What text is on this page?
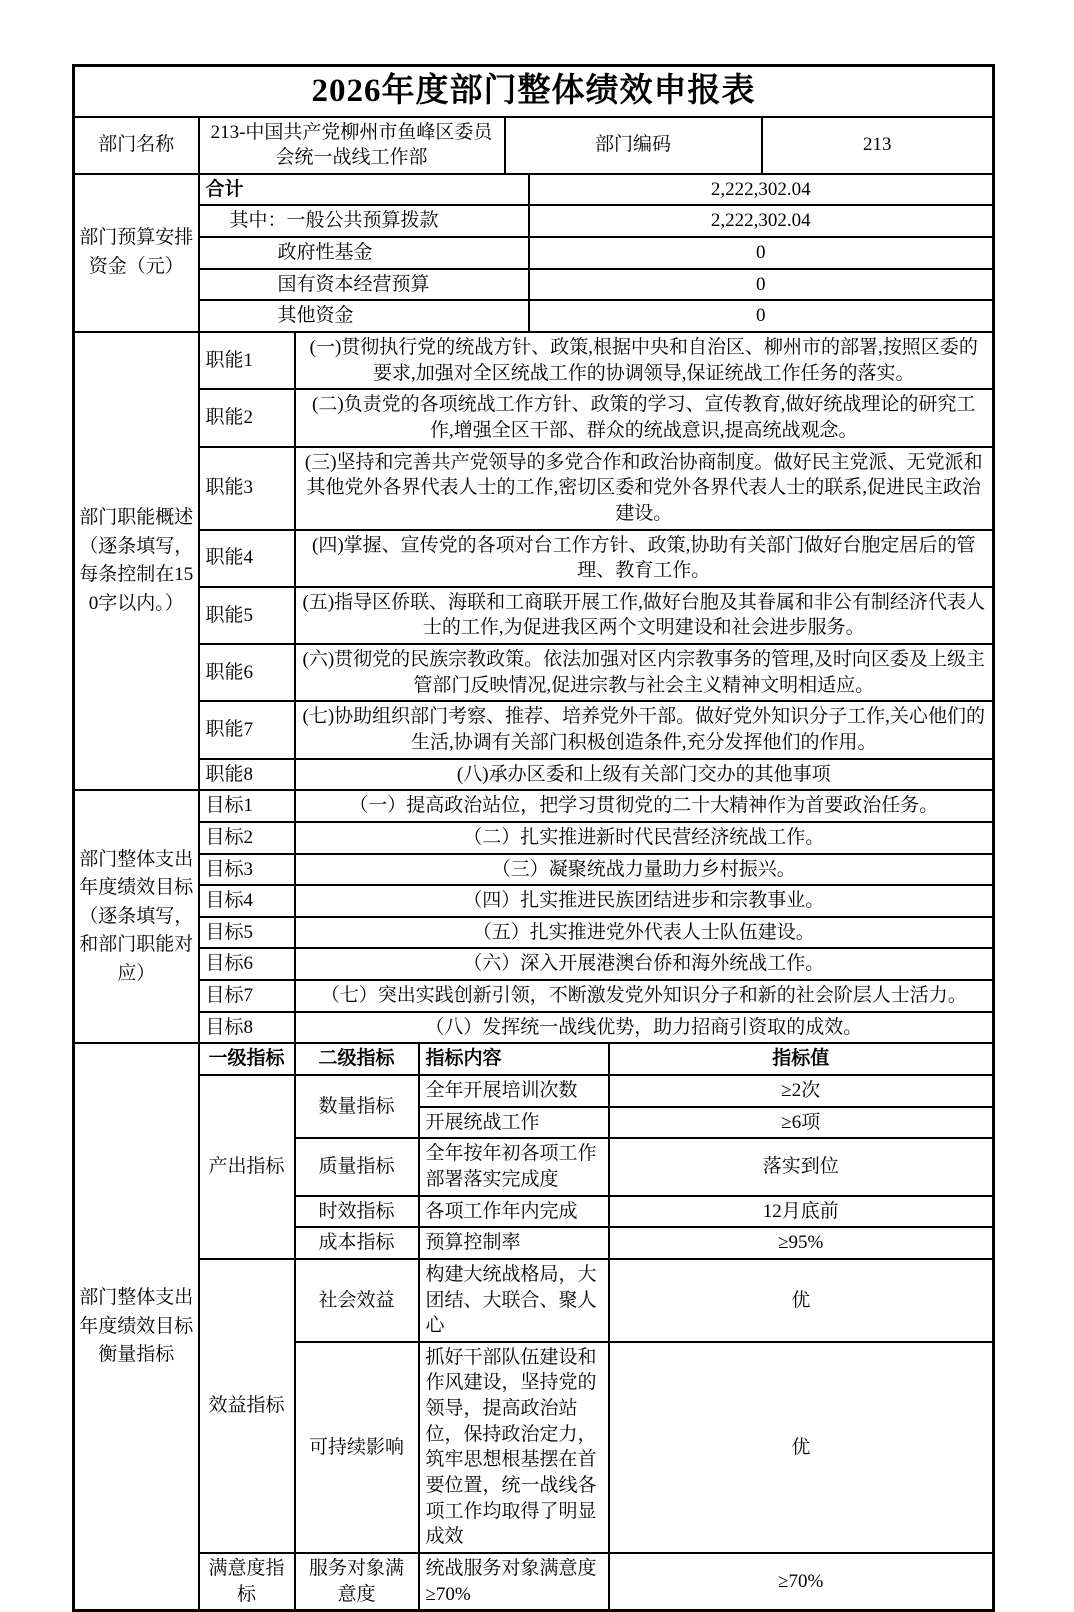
2026年度部门整体绩效申报表							
部门名称	213-中国共产党柳州市鱼峰区委员会统一战线工作部			部门编码			213
部门预算安排资金（元）	合计				2,222,302.04		
	其中：一般公共预算拨款				2,222,302.04		
	政府性基金				0		
	国有资本经营预算				0		
	其他资金				0		
部门职能概述（逐条填写，每条控制在150字以内。）	职能1	(一)贯彻执行党的统战方针、政策,根据中央和自治区、柳州市的部署,按照区委的要求,加强对全区统战工作的协调领导,保证统战工作任务的落实。					
	职能2	(二)负责党的各项统战工作方针、政策的学习、宣传教育,做好统战理论的研究工作,增强全区干部、群众的统战意识,提高统战观念。					
	职能3	(三)坚持和完善共产党领导的多党合作和政治协商制度。做好民主党派、无党派和其他党外各界代表人士的工作,密切区委和党外各界代表人士的联系,促进民主政治建设。					
	职能4	(四)掌握、宣传党的各项对台工作方针、政策,协助有关部门做好台胞定居后的管理、教育工作。					
	职能5	(五)指导区侨联、海联和工商联开展工作,做好台胞及其眷属和非公有制经济代表人士的工作,为促进我区两个文明建设和社会进步服务。					
	职能6	(六)贯彻党的民族宗教政策。依法加强对区内宗教事务的管理,及时向区委及上级主管部门反映情况,促进宗教与社会主义精神文明相适应。					
	职能7	(七)协助组织部门考察、推荐、培养党外干部。做好党外知识分子工作,关心他们的生活,协调有关部门积极创造条件,充分发挥他们的作用。					
	职能8	(八)承办区委和上级有关部门交办的其他事项					
部门整体支出年度绩效目标（逐条填写，和部门职能对应）	目标1	（一）提高政治站位，把学习贯彻党的二十大精神作为首要政治任务。					
	目标2	（二）扎实推进新时代民营经济统战工作。					
	目标3	（三）凝聚统战力量助力乡村振兴。					
	目标4	（四）扎实推进民族团结进步和宗教事业。					
	目标5	（五）扎实推进党外代表人士队伍建设。					
	目标6	（六）深入开展港澳台侨和海外统战工作。					
	目标7	（七）突出实践创新引领，不断激发党外知识分子和新的社会阶层人士活力。					
	目标8	（八）发挥统一战线优势，助力招商引资取的成效。					
部门整体支出年度绩效目标衡量指标	一级指标	二级指标	指标内容			指标值	
	产出指标	数量指标	全年开展培训次数			≥2次	
			开展统战工作			≥6项	
		质量指标	全年按年初各项工作部署落实完成度			落实到位	
		时效指标	各项工作年内完成			12月底前	
		成本指标	预算控制率			≥95%	
	效益指标	社会效益	构建大统战格局，大团结、大联合、聚人心			优	
		可持续影响	抓好干部队伍建设和作风建设，坚持党的领导，提高政治站位，保持政治定力，筑牢思想根基摆在首要位置，统一战线各项工作均取得了明显成效			优	
	满意度指标	服务对象满意度	统战服务对象满意度≥70%			≥70%	
